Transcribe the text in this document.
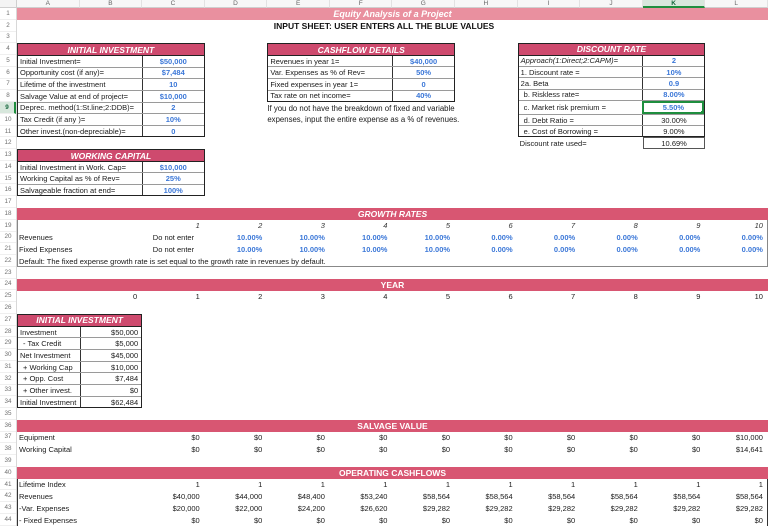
A	B	C	D	E	F	G	H	I	J	K	L
1
2
3
4
5
6
7
8
9
10
11
12
13
14
15
16
17
18
19
20
21
22
23
24
25
26
27
28
29
30
31
32
33
34
35
36
37
38
39
40
41
42
43
44
Equity Analysis of a Project
INPUT SHEET: USER ENTERS ALL THE BLUE VALUES
INITIAL INVESTMENT
Initial Investment=	$50,000
Opportunity cost (if any)=	$7,484
Lifetime of the investment	10
Salvage Value at end of project=	$10,000
Deprec. method(1:St.line;2:DDB)=	2
Tax Credit (if any )=	10%
Other invest.(non-depreciable)=	0
WORKING CAPITAL
Initial Investment in Work. Cap=	$10,000
Working Capital as % of Rev=	25%
Salvageable fraction at end=	100%
CASHFLOW DETAILS
Revenues in year 1=	$40,000
Var. Expenses as % of Rev=	50%
Fixed expenses in year 1=	0
Tax rate on net income=	40%
If you do not have the breakdown of fixed and variable
expenses, input the entire expense as a % of revenues.
DISCOUNT RATE
Approach(1:Direct;2:CAPM)=	2
1. Discount rate =	10%
2a. Beta	0.9
b. Riskless rate=	8.00%
c. Market risk premium =	5.50%
d. Debt Ratio =	30.00%
e. Cost of Borrowing =	9.00%
Discount rate used=	10.69%
GROWTH RATES
1	2	3	4	5	6	7	8	9	10
Revenues	Do not enter	10.00%	10.00%	10.00%	10.00%	0.00%	0.00%	0.00%	0.00%	0.00%
Fixed Expenses	Do not enter	10.00%	10.00%	10.00%	10.00%	0.00%	0.00%	0.00%	0.00%	0.00%
Default: The fixed expense growth rate is set equal to the growth rate in revenues by default.
YEAR
0	1	2	3	4	5	6	7	8	9	10
INITIAL INVESTMENT
Investment	$50,000
- Tax Credit	$5,000
Net Investment	$45,000
+ Working Cap	$10,000
+ Opp. Cost	$7,484
+ Other invest.	$0
Initial Investment	$62,484
SALVAGE VALUE
Equipment	$0	$0	$0	$0	$0	$0	$0	$0	$0	$10,000
Working Capital	$0	$0	$0	$0	$0	$0	$0	$0	$0	$14,641
OPERATING CASHFLOWS
Lifetime Index	1	1	1	1	1	1	1	1	1	1
Revenues	$40,000	$44,000	$48,400	$53,240	$58,564	$58,564	$58,564	$58,564	$58,564	$58,564
-Var. Expenses	$20,000	$22,000	$24,200	$26,620	$29,282	$29,282	$29,282	$29,282	$29,282	$29,282
- Fixed Expenses	$0	$0	$0	$0	$0	$0	$0	$0	$0	$0
